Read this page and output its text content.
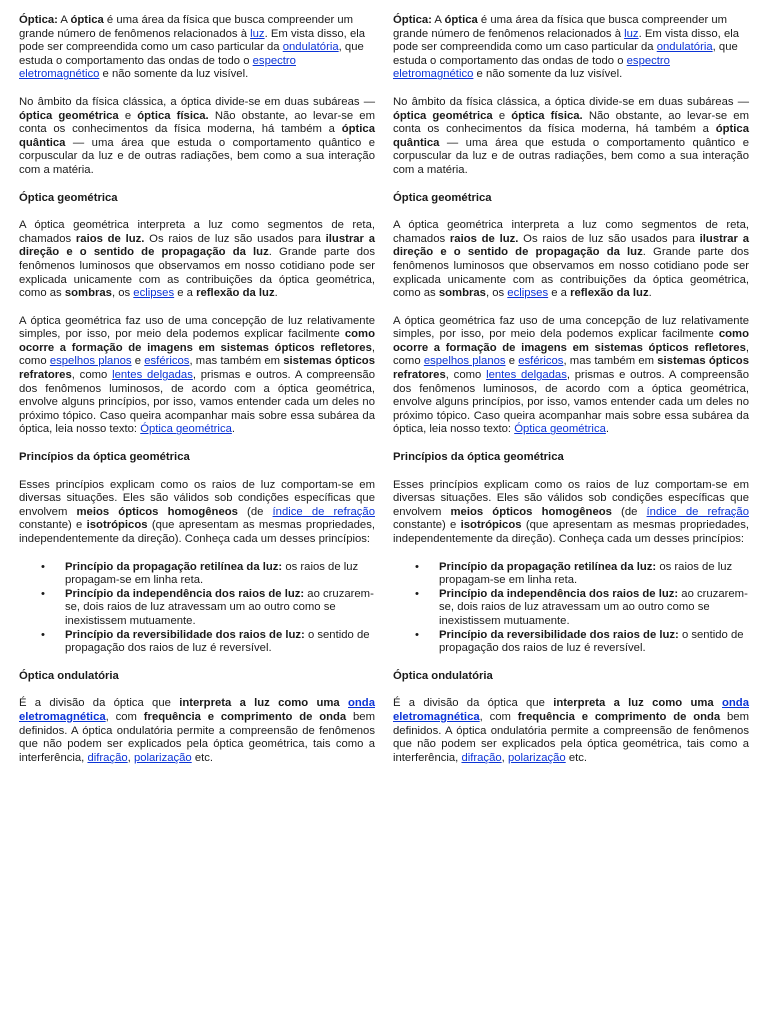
Óptica: A óptica é uma área da física que busca compreender um grande número de fenômenos relacionados à luz. Em vista disso, ela pode ser compreendida como um caso particular da ondulatória, que estuda o comportamento das ondas de todo o espectro eletromagnético e não somente da luz visível.

No âmbito da física clássica, a óptica divide-se em duas subáreas — óptica geométrica e óptica física. Não obstante, ao levar-se em conta os conhecimentos da física moderna, há também a óptica quântica — uma área que estuda o comportamento quântico e corpuscular da luz e de outras radiações, bem como a sua interação com a matéria.

Óptica geométrica

A óptica geométrica interpreta a luz como segmentos de reta, chamados raios de luz. Os raios de luz são usados para ilustrar a direção e o sentido de propagação da luz. Grande parte dos fenômenos luminosos que observamos em nosso cotidiano pode ser explicada unicamente com as contribuições da óptica geométrica, como as sombras, os eclipses e a reflexão da luz.

A óptica geométrica faz uso de uma concepção de luz relativamente simples, por isso, por meio dela podemos explicar facilmente como ocorre a formação de imagens em sistemas ópticos refletores, como espelhos planos e esféricos, mas também em sistemas ópticos refratores, como lentes delgadas, prismas e outros. A compreensão dos fenômenos luminosos, de acordo com a óptica geométrica, envolve alguns princípios, por isso, vamos entender cada um deles no próximo tópico. Caso queira acompanhar mais sobre essa subárea da óptica, leia nosso texto: Óptica geométrica.

Princípios da óptica geométrica

Esses princípios explicam como os raios de luz comportam-se em diversas situações. Eles são válidos sob condições específicas que envolvem meios ópticos homogêneos (de índice de refração constante) e isotrópicos (que apresentam as mesmas propriedades, independentemente da direção). Conheça cada um desses princípios:

• Princípio da propagação retilínea da luz: os raios de luz propagam-se em linha reta.
• Princípio da independência dos raios de luz: ao cruzarem-se, dois raios de luz atravessam um ao outro como se inexistissem mutuamente.
• Princípio da reversibilidade dos raios de luz: o sentido de propagação dos raios de luz é reversível.
Óptica ondulatória

É a divisão da óptica que interpreta a luz como uma onda eletromagnética, com frequência e comprimento de onda bem definidos. A óptica ondulatória permite a compreensão de fenômenos que não podem ser explicados pela óptica geométrica, tais como a interferência, difração, polarização etc.

Óptica: A óptica é uma área da física que busca compreender um grande número de fenômenos relacionados à luz. Em vista disso, ela pode ser compreendida como um caso particular da ondulatória, que estuda o comportamento das ondas de todo o espectro eletromagnético e não somente da luz visível.

No âmbito da física clássica, a óptica divide-se em duas subáreas — óptica geométrica e óptica física. Não obstante, ao levar-se em conta os conhecimentos da física moderna, há também a óptica quântica — uma área que estuda o comportamento quântico e corpuscular da luz e de outras radiações, bem como a sua interação com a matéria.

Óptica geométrica

A óptica geométrica interpreta a luz como segmentos de reta, chamados raios de luz. Os raios de luz são usados para ilustrar a direção e o sentido de propagação da luz. Grande parte dos fenômenos luminosos que observamos em nosso cotidiano pode ser explicada unicamente com as contribuições da óptica geométrica, como as sombras, os eclipses e a reflexão da luz.

A óptica geométrica faz uso de uma concepção de luz relativamente simples, por isso, por meio dela podemos explicar facilmente como ocorre a formação de imagens em sistemas ópticos refletores, como espelhos planos e esféricos, mas também em sistemas ópticos refratores, como lentes delgadas, prismas e outros. A compreensão dos fenômenos luminosos, de acordo com a óptica geométrica, envolve alguns princípios, por isso, vamos entender cada um deles no próximo tópico. Caso queira acompanhar mais sobre essa subárea da óptica, leia nosso texto: Óptica geométrica.

Princípios da óptica geométrica

Esses princípios explicam como os raios de luz comportam-se em diversas situações. Eles são válidos sob condições específicas que envolvem meios ópticos homogêneos (de índice de refração constante) e isotrópicos (que apresentam as mesmas propriedades, independentemente da direção). Conheça cada um desses princípios:

• Princípio da propagação retilínea da luz: os raios de luz propagam-se em linha reta.
• Princípio da independência dos raios de luz: ao cruzarem-se, dois raios de luz atravessam um ao outro como se inexistissem mutuamente.
• Princípio da reversibilidade dos raios de luz: o sentido de propagação dos raios de luz é reversível.
Óptica ondulatória

É a divisão da óptica que interpreta a luz como uma onda eletromagnética, com frequência e comprimento de onda bem definidos. A óptica ondulatória permite a compreensão de fenômenos que não podem ser explicados pela óptica geométrica, tais como a interferência, difração, polarização etc.
